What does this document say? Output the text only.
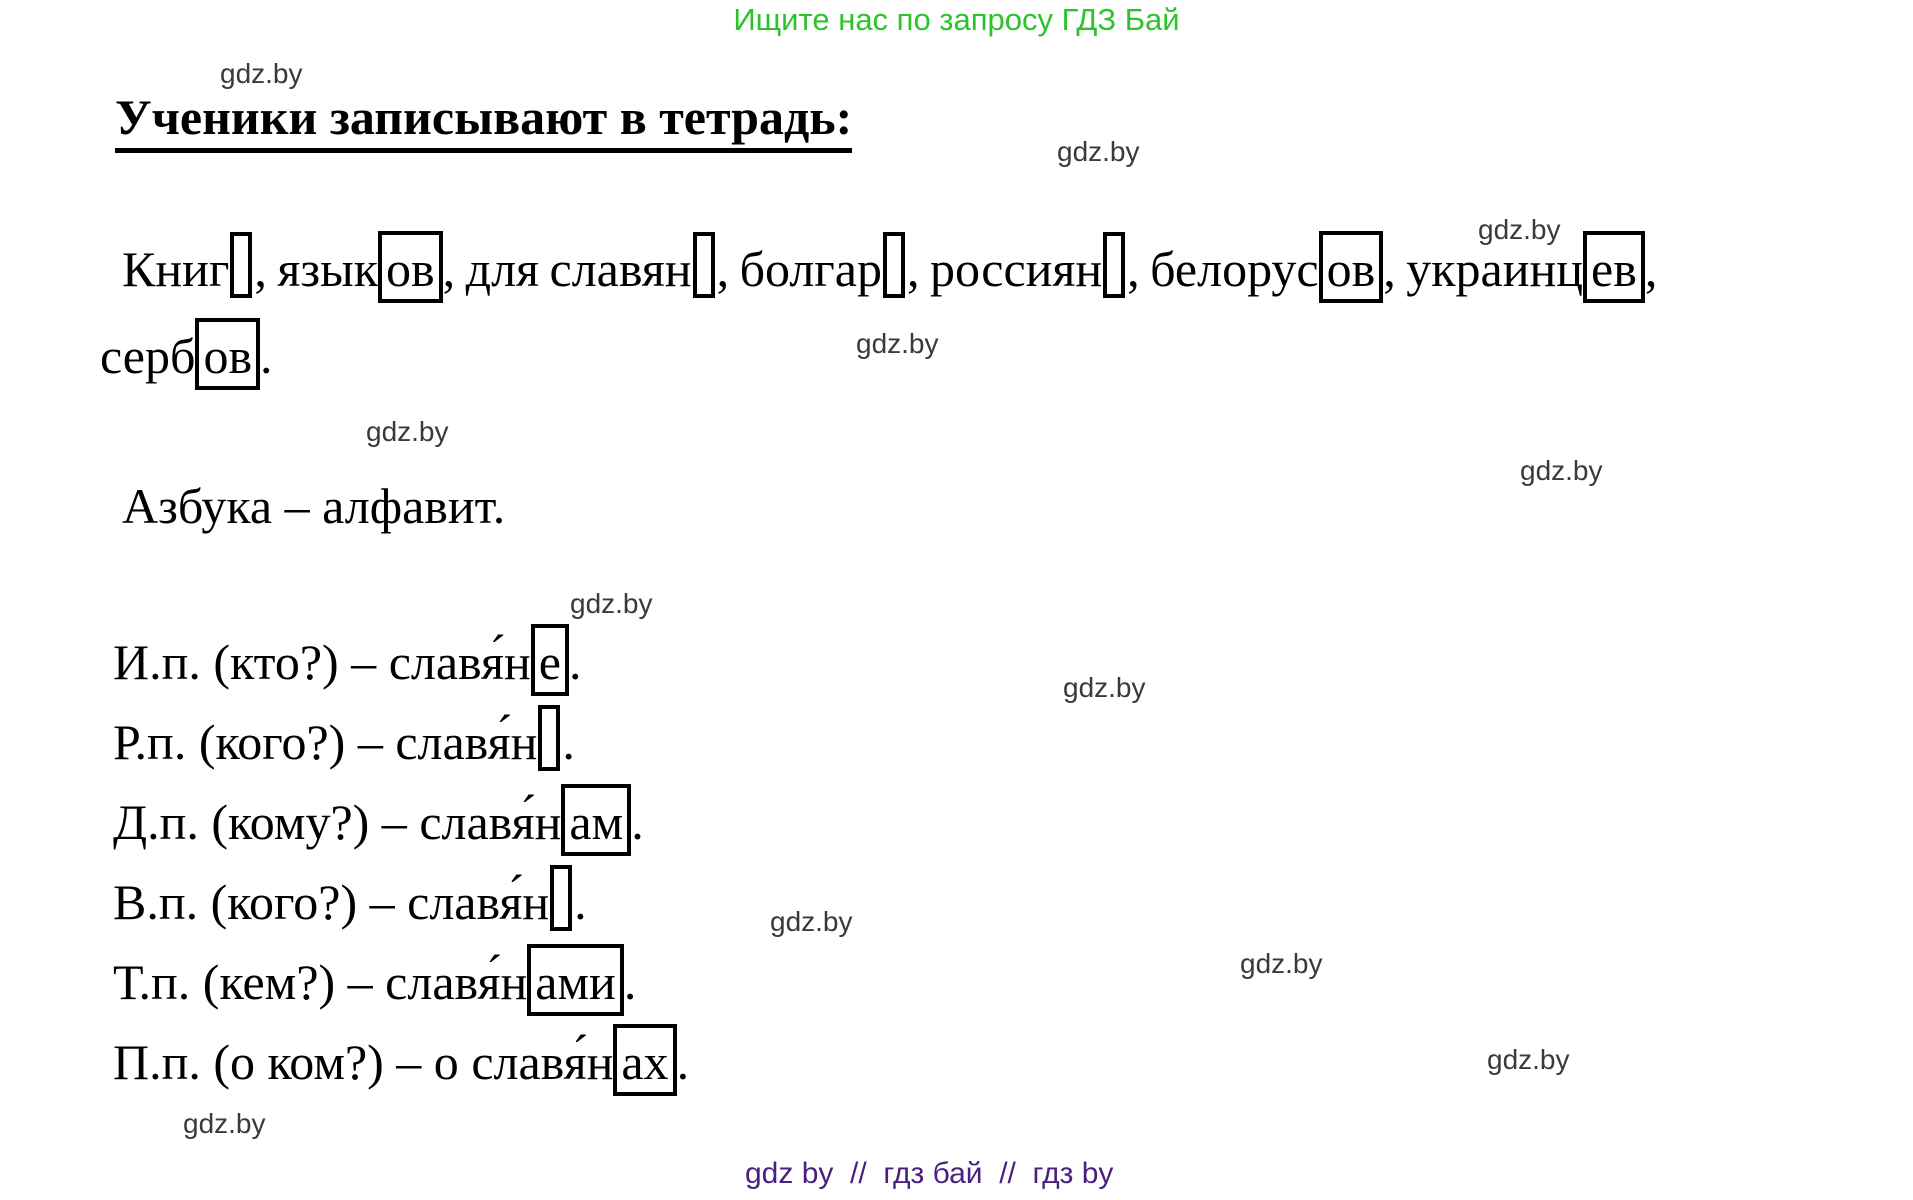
Ищите нас по запросу ГДЗ Бай
gdz.by
gdz.by
gdz.by
gdz.by
gdz.by
gdz.by
gdz.by
gdz.by
gdz.by
gdz.by
gdz.by
gdz.by
Ученики записывают в тетрадь:
Книг , язык ов , для славян , болгар , россиян , белорус ов , украинц ев ,
серб ов .
Азбука – алфавит.
И.п. (кто?) – славя́н е .
Р.п. (кого?) – славя́н .
Д.п. (кому?) – славя́н ам .
В.п. (кого?) – славя́н .
Т.п. (кем?) – славя́н ами .
П.п. (о ком?) – о славя́н ах .
gdz by  //  гдз бай  //  гдз by
